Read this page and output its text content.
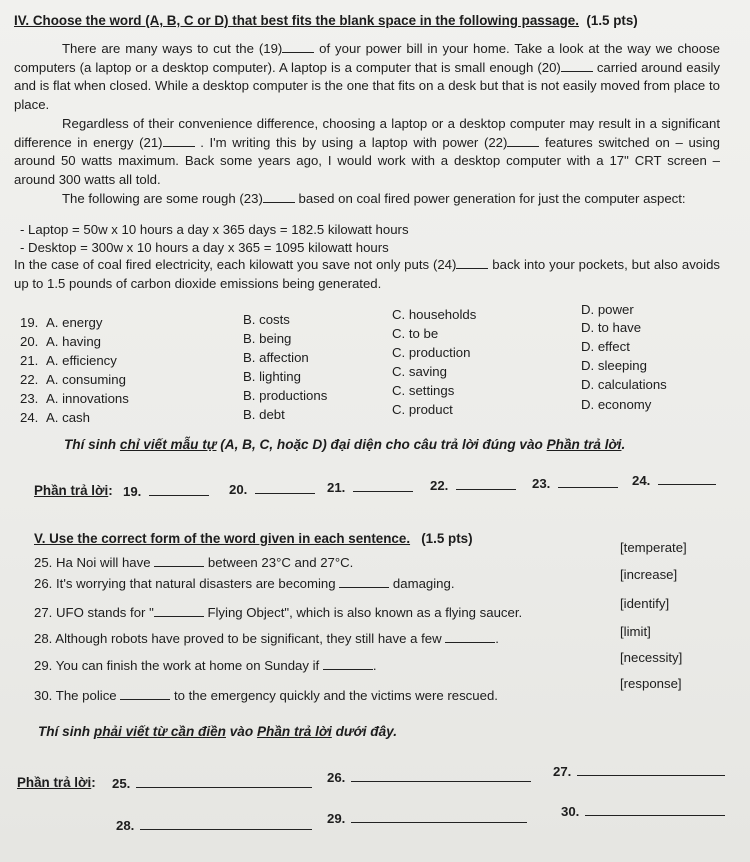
IV. Choose the word (A, B, C or D) that best fits the blank space in the following passage. (1.5 pts)
There are many ways to cut the (19) of your power bill in your home. Take a look at the way we choose computers (a laptop or a desktop computer). A laptop is a computer that is small enough (20) carried around easily and is flat when closed. While a desktop computer is the one that fits on a desk but that is not easily moved from place to place.
Regardless of their convenience difference, choosing a laptop or a desktop computer may result in a significant difference in energy (21) . I'm writing this by using a laptop with power (22) features switched on – using around 50 watts maximum. Back some years ago, I would work with a desktop computer with a 17" CRT screen – around 300 watts all told.
The following are some rough (23) based on coal fired power generation for just the computer aspect:
- Laptop = 50w x 10 hours a day x 365 days = 182.5 kilowatt hours
- Desktop = 300w x 10 hours a day x 365 = 1095 kilowatt hours
In the case of coal fired electricity, each kilowatt you save not only puts (24) back into your pockets, but also avoids up to 1.5 pounds of carbon dioxide emissions being generated.
19. A. energy	B. costs	C. households	D. power
20. A. having	B. being	C. to be	D. to have
21. A. efficiency	B. affection	C. production	D. effect
22. A. consuming	B. lighting	C. saving	D. sleeping
23. A. innovations	B. productions	C. settings	D. calculations
24. A. cash	B. debt	C. product	D. economy
Thí sinh chỉ viết mẫu tự (A, B, C, hoặc D) đại diện cho câu trả lời đúng vào Phần trả lời.
Phần trả lời: 19.	20.	21.	22.	23.	24.
V. Use the correct form of the word given in each sentence. (1.5 pts)
25. Ha Noi will have	between 23°C and 27°C.
[temperate]
26. It's worrying that natural disasters are becoming	damaging.
[increase]
27. UFO stands for "	Flying Object", which is also known as a flying saucer.
[identify]
28. Although robots have proved to be significant, they still have a few	.	[limit]
29. You can finish the work at home on Sunday if	.
[necessity]
30. The police	to the emergency quickly and the victims were rescued.
[response]
Thí sinh phải viết từ cần điền vào Phần trả lời dưới đây.
Phần trả lời: 25.	26.	27.
28.	29.	30.
